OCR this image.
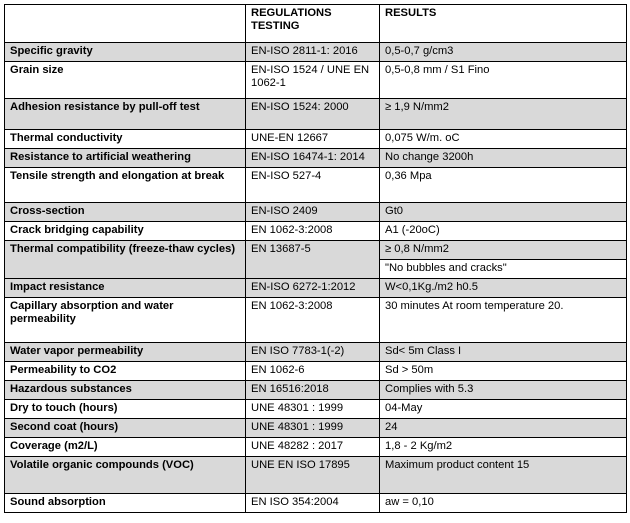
	REGULATIONS TESTING	RESULTS
Specific gravity	EN-ISO 2811-1: 2016	0,5-0,7 g/cm3
Grain size	EN-ISO 1524 / UNE EN 1062-1	0,5-0,8 mm / S1 Fino
Adhesion resistance by pull-off test	EN-ISO 1524: 2000	≥ 1,9 N/mm2
Thermal conductivity	UNE-EN 12667	0,075 W/m. oC
Resistance to artificial weathering	EN-ISO 16474-1: 2014	No change 3200h
Tensile strength and elongation at break	EN-ISO 527-4	0,36 Mpa
Cross-section	EN-ISO 2409	Gt0
Crack bridging capability	EN 1062-3:2008	A1 (-20oC)
Thermal compatibility (freeze-thaw cycles)	EN 13687-5	≥ 0,8 N/mm2
		"No bubbles and cracks"
Impact resistance	EN-ISO 6272-1:2012	W<0,1Kg./m2 h0.5
Capillary absorption and water permeability	EN 1062-3:2008	30 minutes At room temperature 20.
Water vapor permeability	EN ISO 7783-1(-2)	Sd< 5m Class I
Permeability to CO2	EN 1062-6	Sd > 50m
Hazardous substances	EN 16516:2018	Complies with 5.3
Dry to touch (hours)	UNE 48301 : 1999	04-May
Second coat (hours)	UNE 48301 : 1999	24
Coverage (m2/L)	UNE 48282 : 2017	1,8 - 2 Kg/m2
Volatile organic compounds (VOC)	UNE EN ISO 17895	Maximum product content 15
Sound absorption	EN ISO 354:2004	aw = 0,10
